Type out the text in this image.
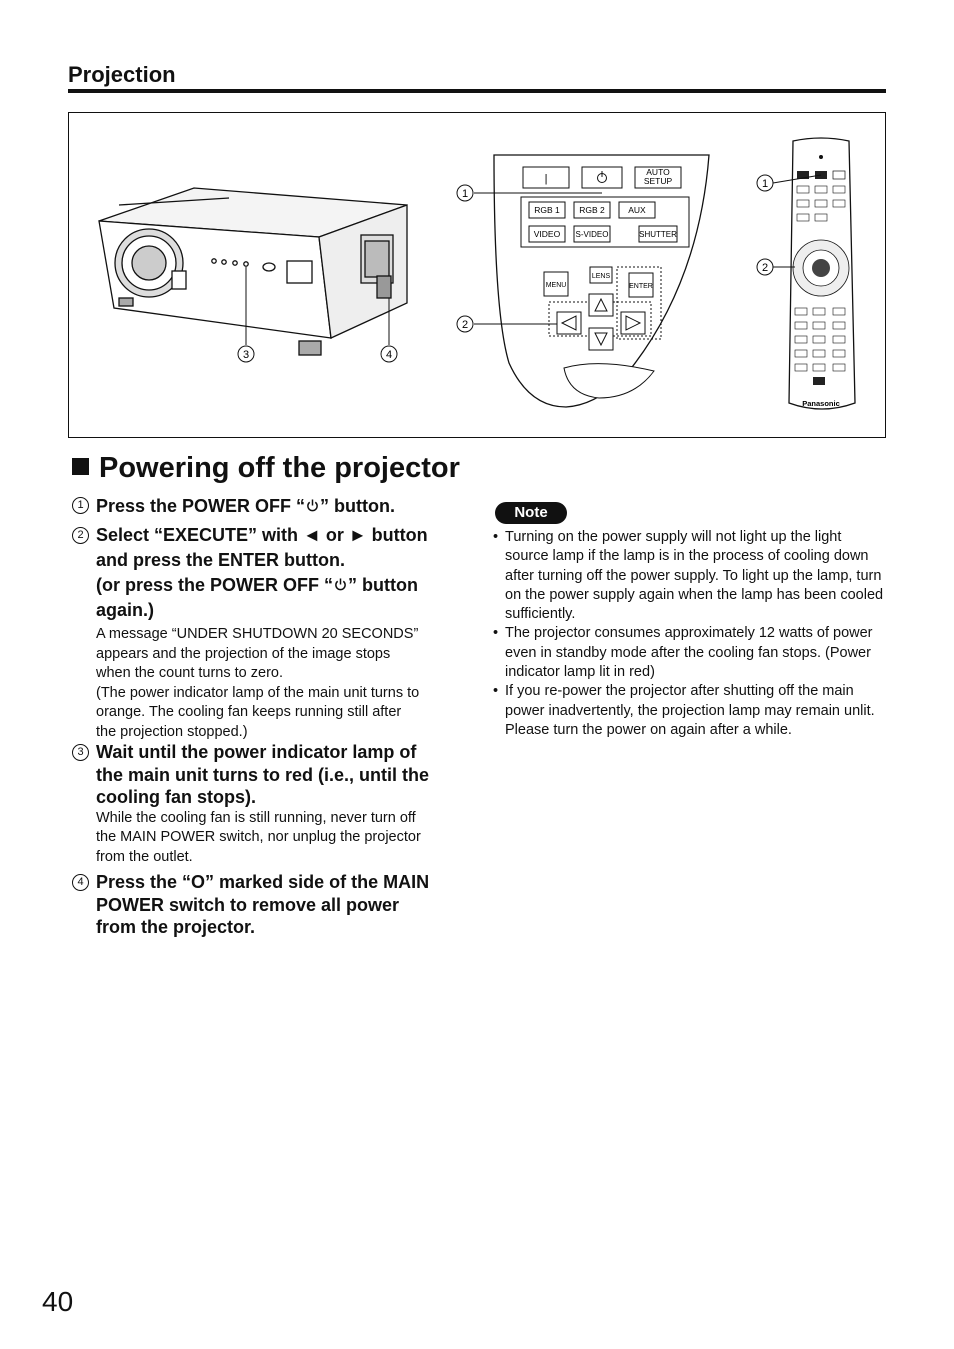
Projection
3	4
|
AUTO
SETUP
RGB 1 RGB 2	AUX
VIDEO S-VIDEO	SHUTTER
MENU
LENS
ENTER
1
2
Panasonic
1
2
Powering off the projector
1 Press the POWER OFF “ ” button.
2 Select “EXECUTE” with ◄ or ► button
and press the ENTER button.
(or press the POWER OFF “ ” button
again.)
A message “UNDER SHUTDOWN 20 SECONDS”
appears and the projection of the image stops
when the count turns to zero.
(The power indicator lamp of the main unit turns to
orange. The cooling fan keeps running still after
the projection stopped.)
3 Wait until the power indicator lamp of
the main unit turns to red (i.e., until the
cooling fan stops).
While the cooling fan is still running, never turn off
the MAIN POWER switch, nor unplug the projector
from the outlet.
4 Press the “O” marked side of the MAIN
POWER switch to remove all power
from the projector.
Note
• Turning on the power supply will not light up the light source lamp if the lamp is in the process of cooling down after turning off the power supply. To light up the lamp, turn on the power supply again when the lamp has been cooled sufficiently.
• The projector consumes approximately 12 watts of power even in standby mode after the cooling fan stops. (Power indicator lamp lit in red)
• If you re-power the projector after shutting off the main power inadvertently, the projection lamp may remain unlit. Please turn the power on again after a while.
40
